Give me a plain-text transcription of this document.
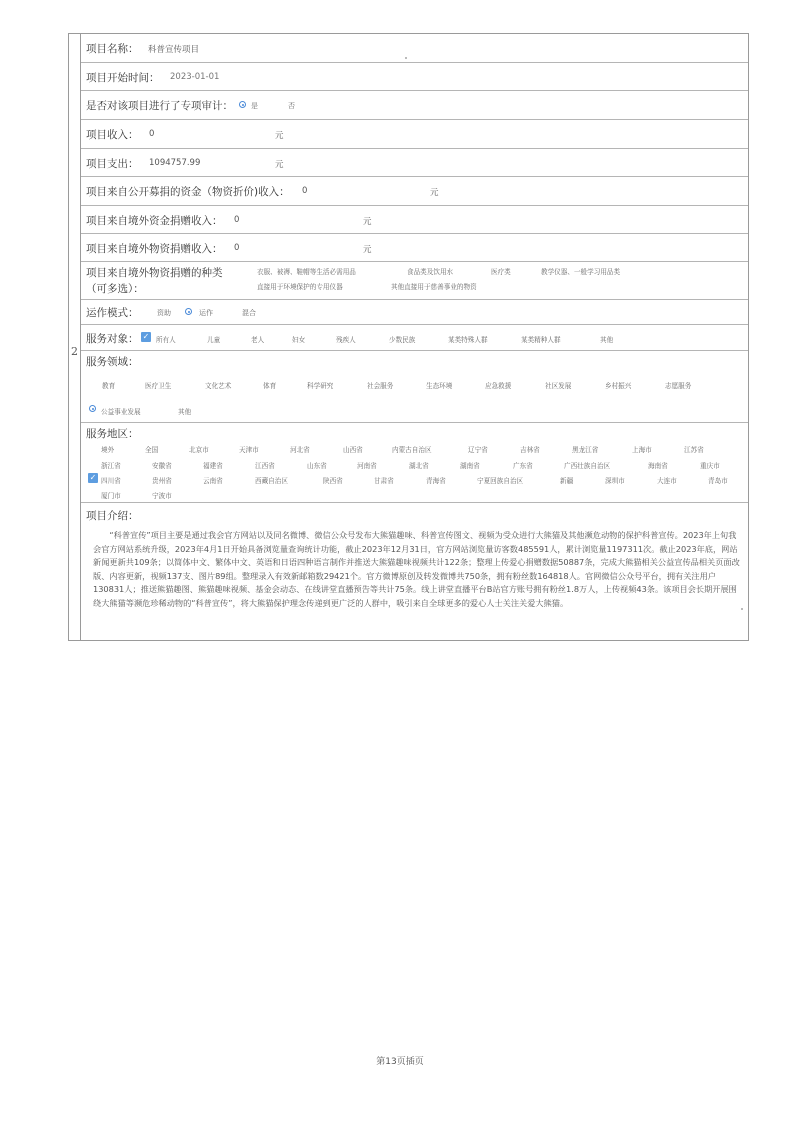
2
项目名称： 科普宣传项目
项目开始时间： 2023-01-01
是否对该项目进行了专项审计：	是	否
项目收入： 0	元
项目支出： 1094757.99	元
项目来自公开募捐的资金（物资折价)收入： 0	元
项目来自境外资金捐赠收入： 0	元
项目来自境外物资捐赠收入： 0	元
项目来自境外物资捐赠的种类
（可多选）：
衣服、被褥、鞋帽等生活必需用品	食品类及饮用水	医疗类	教学仪器、一般学习用品类
直接用于环境保护的专用仪器	其他直接用于慈善事业的物资
运作模式：	资助	运作	混合
服务对象： ✓ 所有人	儿童	老人	妇女	残疾人	少数民族	某类特殊人群	某类精种人群	其他
服务领域：
教育	医疗卫生	文化艺术	体育	科学研究	社会服务	生态环境	应急救援	社区发展	乡村振兴	志愿服务
公益事业发展	其他
服务地区：
境外	全国	北京市	天津市	河北省	山西省	内蒙古自治区	辽宁省	吉林省	黑龙江省	上海市	江苏省
浙江省	安徽省	福建省	江西省	山东省	河南省	湖北省	湖南省	广东省	广西壮族自治区	海南省	重庆市
✓ 四川省	贵州省	云南省	西藏自治区	陕西省	甘肃省	青海省	宁夏回族自治区	新疆	深圳市	大连市	青岛市
厦门市	宁波市
项目介绍：
“科普宣传”项目主要是通过我会官方网站以及同名微博、微信公众号发布大熊猫趣味、科普宣传图文、视频为受众进行大熊猫及其他濒危动物的保护科普宣传。2023年上旬我会官方网站系统升级，2023年4月1日开始具备浏览量查询统计功能，截止2023年12月31日，官方网站浏览量访客数485591人，累计浏览量1197311次。截止2023年底，网站新闻更新共109条；以简体中文、繁体中文、英语和日语四种语言制作并推送大熊猫趣味视频共计122条；整理上传爱心捐赠数据50887条，完成大熊猫相关公益宣传品相关页面改版、内容更新，视频137支、图片89组。整理录入有效新邮箱数29421个。官方微博原创及转发微博共750条，拥有粉丝数164818人。官网微信公众号平台，拥有关注用户130831人；推送熊猫趣图、熊猫趣味视频、基金会动态、在线讲堂直播预告等共计75条。线上讲堂直播平台B站官方账号拥有粉丝1.8万人，上传视频43条。该项目会长期开展围绕大熊猫等濒危珍稀动物的“科普宣传”，将大熊猫保护理念传递到更广泛的人群中，吸引来自全球更多的爱心人士关注关爱大熊猫。
第13页插页
